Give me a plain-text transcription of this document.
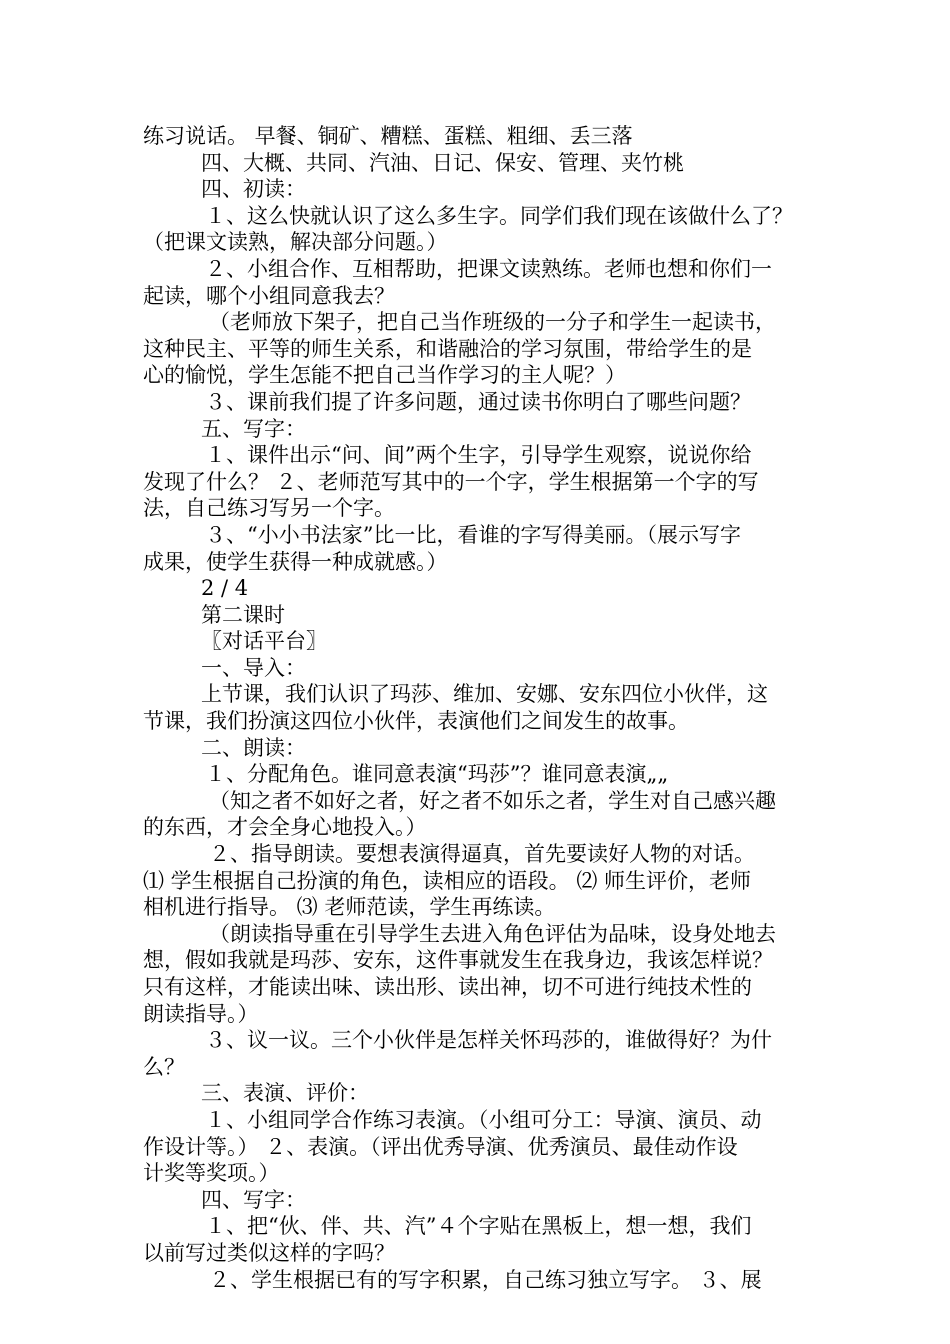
练习说话。 早餐、铜矿、糟糕、蛋糕、粗细、丢三落
四、大概、共同、汽油、日记、保安、管理、夹竹桃
四、初读：
１、这么快就认识了这么多生字。同学们我们现在该做什么了？
（把课文读熟，解决部分问题。）
２、小组合作、互相帮助，把课文读熟练。老师也想和你们一
起读，哪个小组同意我去？
（老师放下架子，把自己当作班级的一分子和学生一起读书，
这种民主、平等的师生关系，和谐融洽的学习氛围，带给学生的是
心的愉悦，学生怎能不把自己当作学习的主人呢？）
３、课前我们提了许多问题，通过读书你明白了哪些问题？
五、写字：
１、课件出示“问、间”两个生字，引导学生观察，说说你给
发现了什么？ ２、老师范写其中的一个字，学生根据第一个字的写
法，自己练习写另一个字。
３、“小小书法家”比一比，看谁的字写得美丽。（展示写字
成果，使学生获得一种成就感。）
2 / 4
第二课时
〖对话平台〗
一、导入：
上节课，我们认识了玛莎、维加、安娜、安东四位小伙伴，这
节课，我们扮演这四位小伙伴，表演他们之间发生的故事。
二、朗读：
１、分配角色。谁同意表演“玛莎”？谁同意表演„„
（知之者不如好之者，好之者不如乐之者，学生对自己感兴趣
的东西，才会全身心地投入。）
２、指导朗读。要想表演得逼真，首先要读好人物的对话。
⑴ 学生根据自己扮演的角色，读相应的语段。 ⑵ 师生评价，老师
相机进行指导。 ⑶ 老师范读，学生再练读。
（朗读指导重在引导学生去进入角色评估为品味，设身处地去
想，假如我就是玛莎、安东，这件事就发生在我身边，我该怎样说？
只有这样，才能读出味、读出形、读出神，切不可进行纯技术性的
朗读指导。）
３、议一议。三个小伙伴是怎样关怀玛莎的，谁做得好？为什
么？
三、表演、评价：
１、小组同学合作练习表演。（小组可分工：导演、演员、动
作设计等。） ２、表演。（评出优秀导演、优秀演员、最佳动作设
计奖等奖项。）
四、写字：
１、把“伙、伴、共、汽”４个字贴在黑板上，想一想，我们
以前写过类似这样的字吗？
２、学生根据已有的写字积累，自己练习独立写字。 ３、展
